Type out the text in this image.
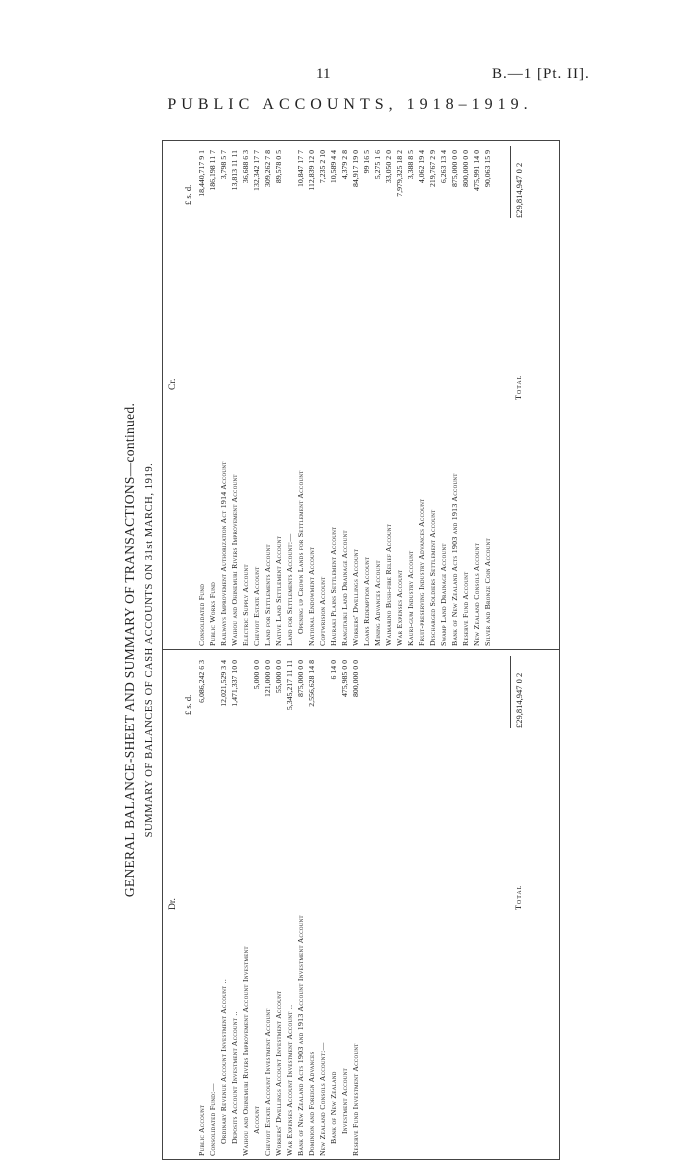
11	B.—1 [Pt. II].
PUBLIC ACCOUNTS, 1918–1919.
GENERAL BALANCE-SHEET AND SUMMARY OF TRANSACTIONS—continued. SUMMARY OF BALANCES OF CASH ACCOUNTS ON 31st MARCH, 1919.
Dr.
Cr.
£ s. d.
£ s. d.
Public Account
6,086,242 6 3
Consolidated Fund:— Ordinary Revenue Account Investment Account ..
12,021,529 3 4
Deposits Account Investment Account ..
1,471,337 10 0
Waihou and Ohinemuri Rivers Improvement Account Investment Account
5,000 0 0
Cheviot Estate Account Investment Account
121,000 0 0
Workers' Dwellings Account Investment Account
55,000 0 0
War Expenses Account Investment Account ..
5,345,217 11 11
Bank of New Zealand Acts 1903 and 1913 Account Investment Account
875,000 0 0
Dominion and Foreign Advances
2,556,628 14 8
New Zealand Consols Account:— Bank of New Zealand
6 14 0
Investment Account
475,985 0 0
Reserve Fund Investment Account
800,000 0 0
Consolidated Fund
18,440,717 9 1
Public Works Fund
186,198 11 7
Railways Improvement Authorization Act 1914 Account
3,798 5 7
Waihou and Ohinemuri Rivers Improvement Account
13,813 11 11
Electric Supply Account
36,688 6 3
Cheviot Estate Account
132,342 17 7
Land for Settlements Account
309,262 7 8
Native Land Settlement Account
89,578 0 5
Land for Settlements Account:— Opening up Crown Lands for Settlement Account
10,847 17 7
National Endowment Account
112,839 12 0
Coptwrision Account
7,235 2 10
Hauraki Plains Settlement Account
10,589 4 4
Rangitaiki Land Drainage Account
4,379 2 8
Workers' Dwellings Account
84,917 19 0
Loans Redemption Account
99 16 5
Mining Advances Account
5,275 1 6
Waimarino Bush-fire Relief Account
33,050 2 0
War Expenses Account
7,979,325 18 2
Kauri-gum Industry Account
3,388 8 5
Fruit-preserving Industry Advances Account
4,062 19 4
Discharged Soldiers Settlement Account
219,767 2 9
Swamp Land Drainage Account
6,263 13 4
Bank of New Zealand Acts 1903 and 1913 Account
875,000 0 0
Reserve Fund Account
800,000 0 0
New Zealand Consols Account
475,991 14 0
Silver and Bronze Coin Account
90,063 15 9
Total
Total
£29,814,947 0 2
£29,814,947 0 2
